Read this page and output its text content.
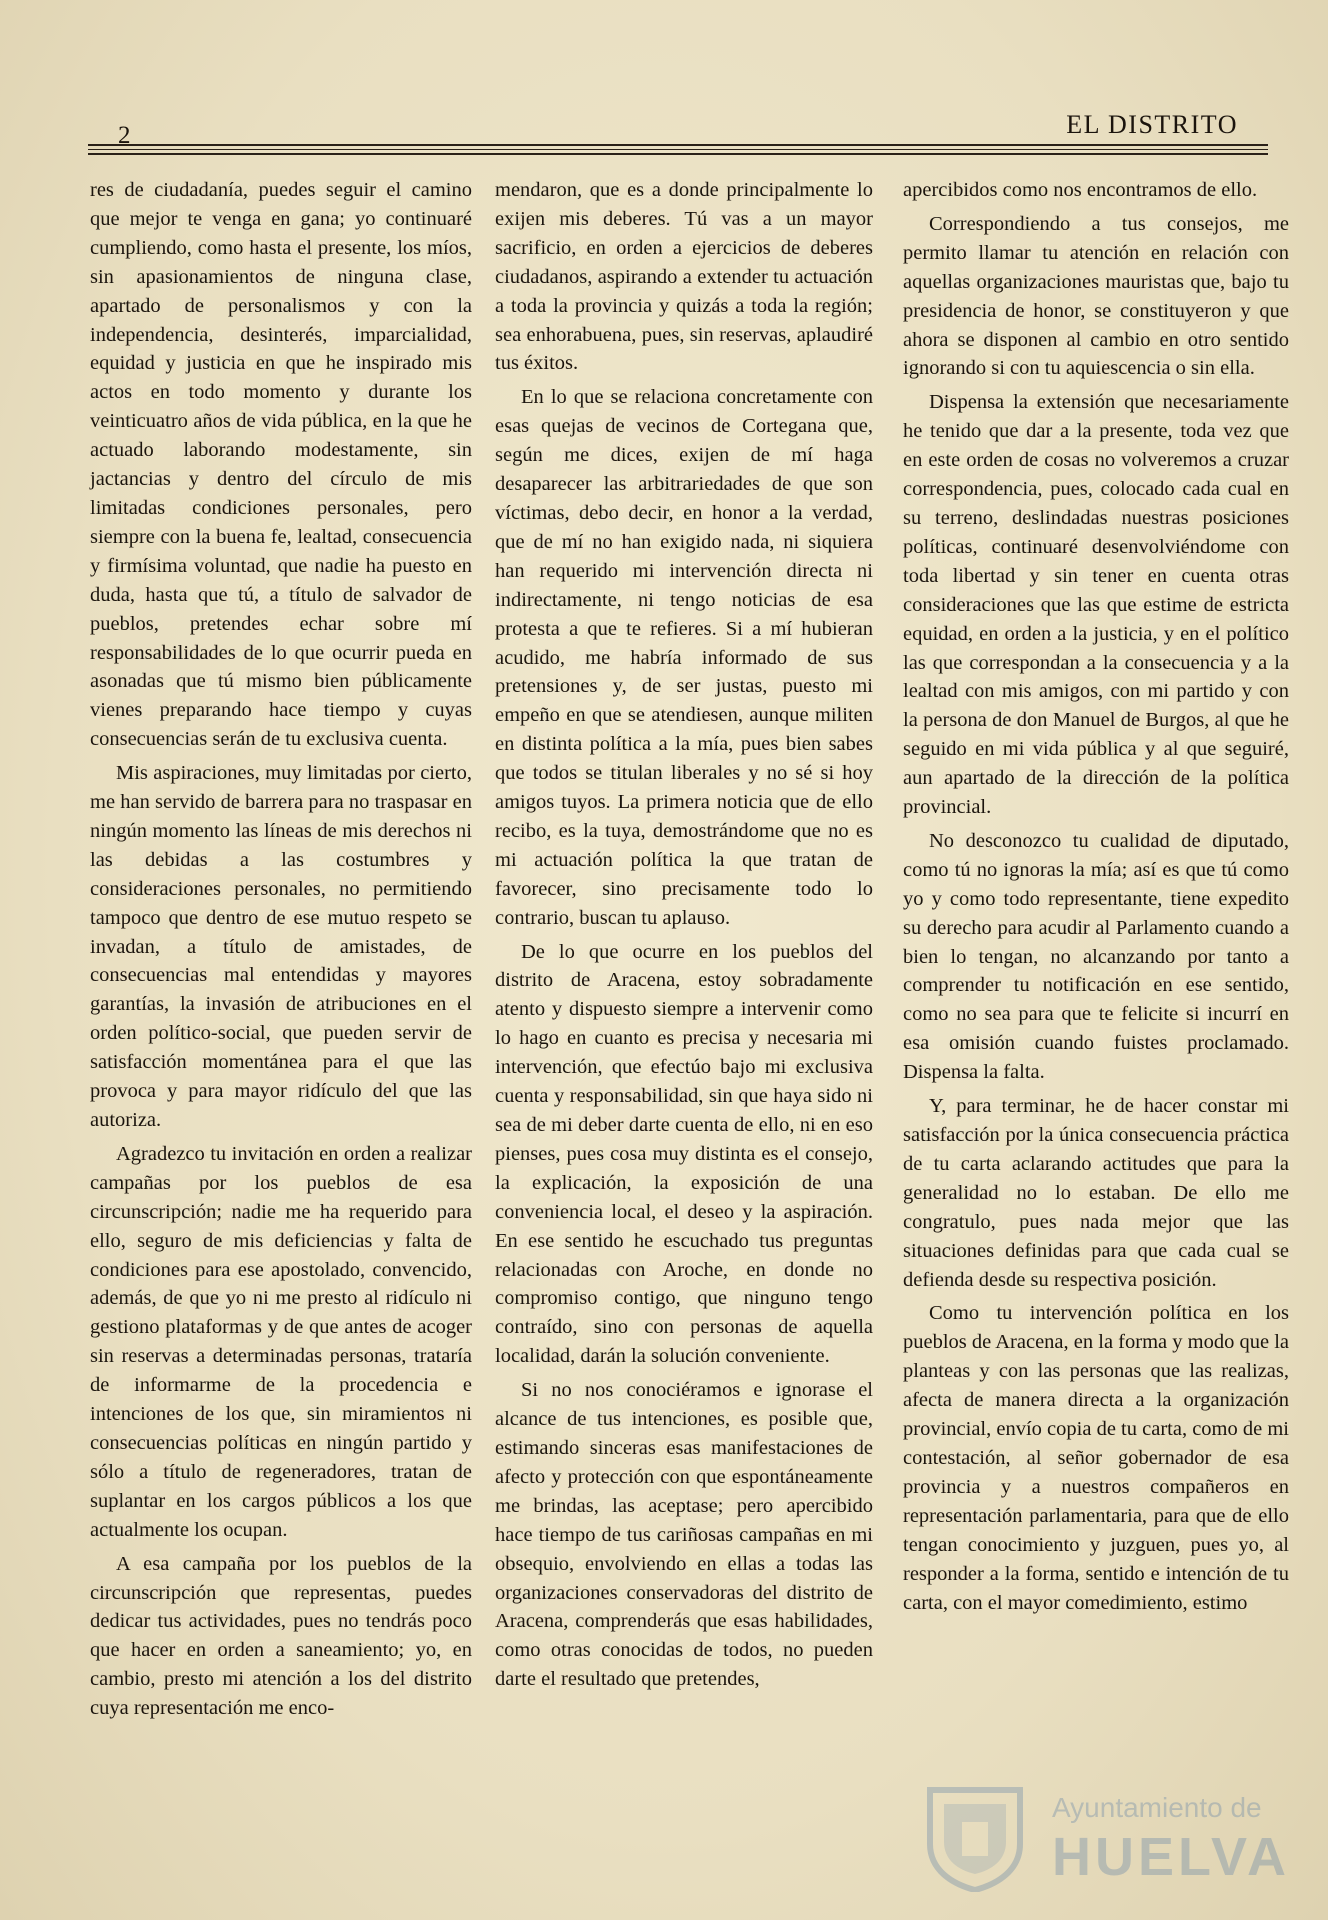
2	EL DISTRITO

res de ciudadanía, puedes seguir el camino que mejor te venga en gana; yo continuaré cumpliendo, como hasta el presente, los míos, sin apasionamientos de ninguna clase, apartado de personalismos y con la independencia, desinterés, imparcialidad, equidad y justicia en que he inspirado mis actos en todo momento y durante los veinticuatro años de vida pública, en la que he actuado laborando modestamente, sin jactancias y dentro del círculo de mis limitadas condiciones personales, pero siempre con la buena fe, lealtad, consecuencia y firmísima voluntad, que nadie ha puesto en duda, hasta que tú, a título de salvador de pueblos, pretendes echar sobre mí responsabilidades de lo que ocurrir pueda en asonadas que tú mismo bien públicamente vienes preparando hace tiempo y cuyas consecuencias serán de tu exclusiva cuenta.

Mis aspiraciones, muy limitadas por cierto, me han servido de barrera para no traspasar en ningún momento las líneas de mis derechos ni las debidas a las costumbres y consideraciones personales, no permitiendo tampoco que dentro de ese mutuo respeto se invadan, a título de amistades, de consecuencias mal entendidas y mayores garantías, la invasión de atribuciones en el orden político-social, que pueden servir de satisfacción momentánea para el que las provoca y para mayor ridículo del que las autoriza.

Agradezco tu invitación en orden a realizar campañas por los pueblos de esa circunscripción; nadie me ha requerido para ello, seguro de mis deficiencias y falta de condiciones para ese apostolado, convencido, además, de que yo ni me presto al ridículo ni gestiono plataformas y de que antes de acoger sin reservas a determinadas personas, trataría de informarme de la procedencia e intenciones de los que, sin miramientos ni consecuencias políticas en ningún partido y sólo a título de regeneradores, tratan de suplantar en los cargos públicos a los que actualmente los ocupan.

A esa campaña por los pueblos de la circunscripción que representas, puedes dedicar tus actividades, pues no tendrás poco que hacer en orden a saneamiento; yo, en cambio, presto mi atención a los del distrito cuya representación me enco-

mendaron, que es a donde principalmente lo exijen mis deberes. Tú vas a un mayor sacrificio, en orden a ejercicios de deberes ciudadanos, aspirando a extender tu actuación a toda la provincia y quizás a toda la región; sea enhorabuena, pues, sin reservas, aplaudiré tus éxitos.

En lo que se relaciona concretamente con esas quejas de vecinos de Cortegana que, según me dices, exijen de mí haga desaparecer las arbitrariedades de que son víctimas, debo decir, en honor a la verdad, que de mí no han exigido nada, ni siquiera han requerido mi intervención directa ni indirectamente, ni tengo noticias de esa protesta a que te refieres. Si a mí hubieran acudido, me habría informado de sus pretensiones y, de ser justas, puesto mi empeño en que se atendiesen, aunque militen en distinta política a la mía, pues bien sabes que todos se titulan liberales y no sé si hoy amigos tuyos. La primera noticia que de ello recibo, es la tuya, demostrándome que no es mi actuación política la que tratan de favorecer, sino precisamente todo lo contrario, buscan tu aplauso.

De lo que ocurre en los pueblos del distrito de Aracena, estoy sobradamente atento y dispuesto siempre a intervenir como lo hago en cuanto es precisa y necesaria mi intervención, que efectúo bajo mi exclusiva cuenta y responsabilidad, sin que haya sido ni sea de mi deber darte cuenta de ello, ni en eso pienses, pues cosa muy distinta es el consejo, la explicación, la exposición de una conveniencia local, el deseo y la aspiración. En ese sentido he escuchado tus preguntas relacionadas con Aroche, en donde no compromiso contigo, que ninguno tengo contraído, sino con personas de aquella localidad, darán la solución conveniente.

Si no nos conociéramos e ignorase el alcance de tus intenciones, es posible que, estimando sinceras esas manifestaciones de afecto y protección con que espontáneamente me brindas, las aceptase; pero apercibido hace tiempo de tus cariñosas campañas en mi obsequio, envolviendo en ellas a todas las organizaciones conservadoras del distrito de Aracena, comprenderás que esas habilidades, como otras conocidas de todos, no pueden darte el resultado que pretendes,

apercibidos como nos encontramos de ello.

Correspondiendo a tus consejos, me permito llamar tu atención en relación con aquellas organizaciones mauristas que, bajo tu presidencia de honor, se constituyeron y que ahora se disponen al cambio en otro sentido ignorando si con tu aquiescencia o sin ella.

Dispensa la extensión que necesariamente he tenido que dar a la presente, toda vez que en este orden de cosas no volveremos a cruzar correspondencia, pues, colocado cada cual en su terreno, deslindadas nuestras posiciones políticas, continuaré desenvolviéndome con toda libertad y sin tener en cuenta otras consideraciones que las que estime de estricta equidad, en orden a la justicia, y en el político las que correspondan a la consecuencia y a la lealtad con mis amigos, con mi partido y con la persona de don Manuel de Burgos, al que he seguido en mi vida pública y al que seguiré, aun apartado de la dirección de la política provincial.

No desconozco tu cualidad de diputado, como tú no ignoras la mía; así es que tú como yo y como todo representante, tiene expedito su derecho para acudir al Parlamento cuando a bien lo tengan, no alcanzando por tanto a comprender tu notificación en ese sentido, como no sea para que te felicite si incurrí en esa omisión cuando fuistes proclamado. Dispensa la falta.

Y, para terminar, he de hacer constar mi satisfacción por la única consecuencia práctica de tu carta aclarando actitudes que para la generalidad no lo estaban. De ello me congratulo, pues nada mejor que las situaciones definidas para que cada cual se defienda desde su respectiva posición.

Como tu intervención política en los pueblos de Aracena, en la forma y modo que la planteas y con las personas que las realizas, afecta de manera directa a la organización provincial, envío copia de tu carta, como de mi contestación, al señor gobernador de esa provincia y a nuestros compañeros en representación parlamentaria, para que de ello tengan conocimiento y juzguen, pues yo, al responder a la forma, sentido e intención de tu carta, con el mayor comedimiento, estimo

Ayuntamiento de
HUELVA
